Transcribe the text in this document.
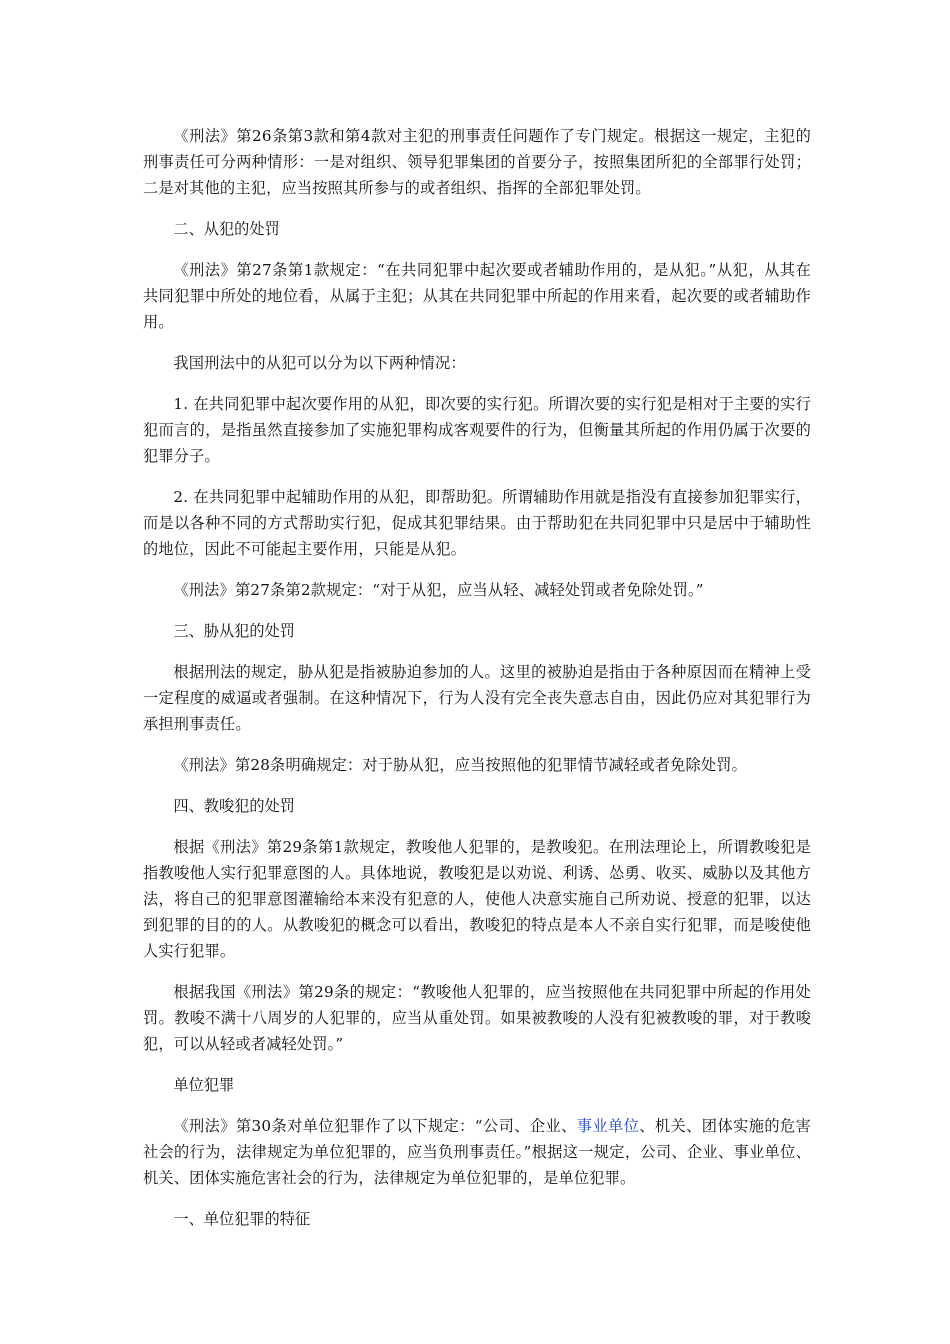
《刑法》第26条第3款和第4款对主犯的刑事责任问题作了专门规定。根据这一规定，主犯的刑事责任可分两种情形：一是对组织、领导犯罪集团的首要分子，按照集团所犯的全部罪行处罚；二是对其他的主犯，应当按照其所参与的或者组织、指挥的全部犯罪处罚。

二、从犯的处罚

《刑法》第27条第1款规定：“在共同犯罪中起次要或者辅助作用的，是从犯。”从犯，从其在共同犯罪中所处的地位看，从属于主犯；从其在共同犯罪中所起的作用来看，起次要的或者辅助作用。

我国刑法中的从犯可以分为以下两种情况：

1. 在共同犯罪中起次要作用的从犯，即次要的实行犯。所谓次要的实行犯是相对于主要的实行犯而言的，是指虽然直接参加了实施犯罪构成客观要件的行为，但衡量其所起的作用仍属于次要的犯罪分子。

2. 在共同犯罪中起辅助作用的从犯，即帮助犯。所谓辅助作用就是指没有直接参加犯罪实行，而是以各种不同的方式帮助实行犯，促成其犯罪结果。由于帮助犯在共同犯罪中只是居中于辅助性的地位，因此不可能起主要作用，只能是从犯。

《刑法》第27条第2款规定：“对于从犯，应当从轻、减轻处罚或者免除处罚。”

三、胁从犯的处罚

根据刑法的规定，胁从犯是指被胁迫参加的人。这里的被胁迫是指由于各种原因而在精神上受一定程度的威逼或者强制。在这种情况下，行为人没有完全丧失意志自由，因此仍应对其犯罪行为承担刑事责任。

《刑法》第28条明确规定：对于胁从犯，应当按照他的犯罪情节减轻或者免除处罚。

四、教唆犯的处罚

根据《刑法》第29条第1款规定，教唆他人犯罪的，是教唆犯。在刑法理论上，所谓教唆犯是指教唆他人实行犯罪意图的人。具体地说，教唆犯是以劝说、利诱、怂勇、收买、威胁以及其他方法，将自己的犯罪意图灌输给本来没有犯意的人，使他人决意实施自己所劝说、授意的犯罪，以达到犯罪的目的的人。从教唆犯的概念可以看出，教唆犯的特点是本人不亲自实行犯罪，而是唆使他人实行犯罪。

根据我国《刑法》第29条的规定：“教唆他人犯罪的，应当按照他在共同犯罪中所起的作用处罚。教唆不满十八周岁的人犯罪的，应当从重处罚。如果被教唆的人没有犯被教唆的罪，对于教唆犯，可以从轻或者减轻处罚。”

单位犯罪

《刑法》第30条对单位犯罪作了以下规定：“公司、企业、事业单位、机关、团体实施的危害社会的行为，法律规定为单位犯罪的，应当负刑事责任。”根据这一规定，公司、企业、事业单位、机关、团体实施危害社会的行为，法律规定为单位犯罪的，是单位犯罪。

一、单位犯罪的特征
